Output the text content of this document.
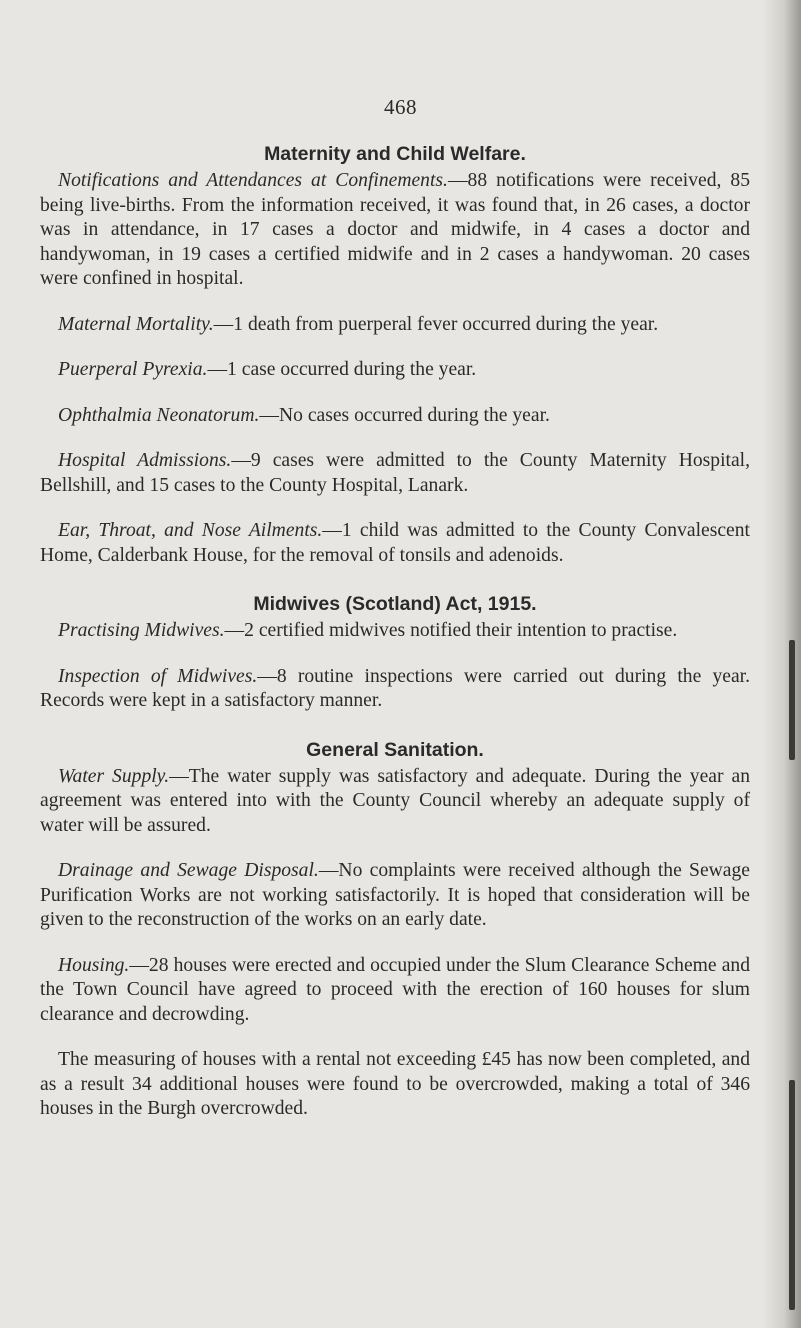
468
Maternity and Child Welfare.

Notifications and Attendances at Confinements.—88 notifications were received, 85 being live-births. From the information received, it was found that, in 26 cases, a doctor was in attendance, in 17 cases a doctor and midwife, in 4 cases a doctor and handywoman, in 19 cases a certified midwife and in 2 cases a handywoman. 20 cases were confined in hospital.

Maternal Mortality.—1 death from puerperal fever occurred during the year.

Puerperal Pyrexia.—1 case occurred during the year.

Ophthalmia Neonatorum.—No cases occurred during the year.

Hospital Admissions.—9 cases were admitted to the County Maternity Hospital, Bellshill, and 15 cases to the County Hospital, Lanark.

Ear, Throat, and Nose Ailments.—1 child was admitted to the County Convalescent Home, Calderbank House, for the removal of tonsils and adenoids.

Midwives (Scotland) Act, 1915.

Practising Midwives.—2 certified midwives notified their intention to practise.

Inspection of Midwives.—8 routine inspections were carried out during the year. Records were kept in a satisfactory manner.

General Sanitation.

Water Supply.—The water supply was satisfactory and adequate. During the year an agreement was entered into with the County Council whereby an adequate supply of water will be assured.

Drainage and Sewage Disposal.—No complaints were received although the Sewage Purification Works are not working satisfactorily. It is hoped that consideration will be given to the reconstruction of the works on an early date.

Housing.—28 houses were erected and occupied under the Slum Clearance Scheme and the Town Council have agreed to proceed with the erection of 160 houses for slum clearance and decrowding.

The measuring of houses with a rental not exceeding £45 has now been completed, and as a result 34 additional houses were found to be overcrowded, making a total of 346 houses in the Burgh overcrowded.
